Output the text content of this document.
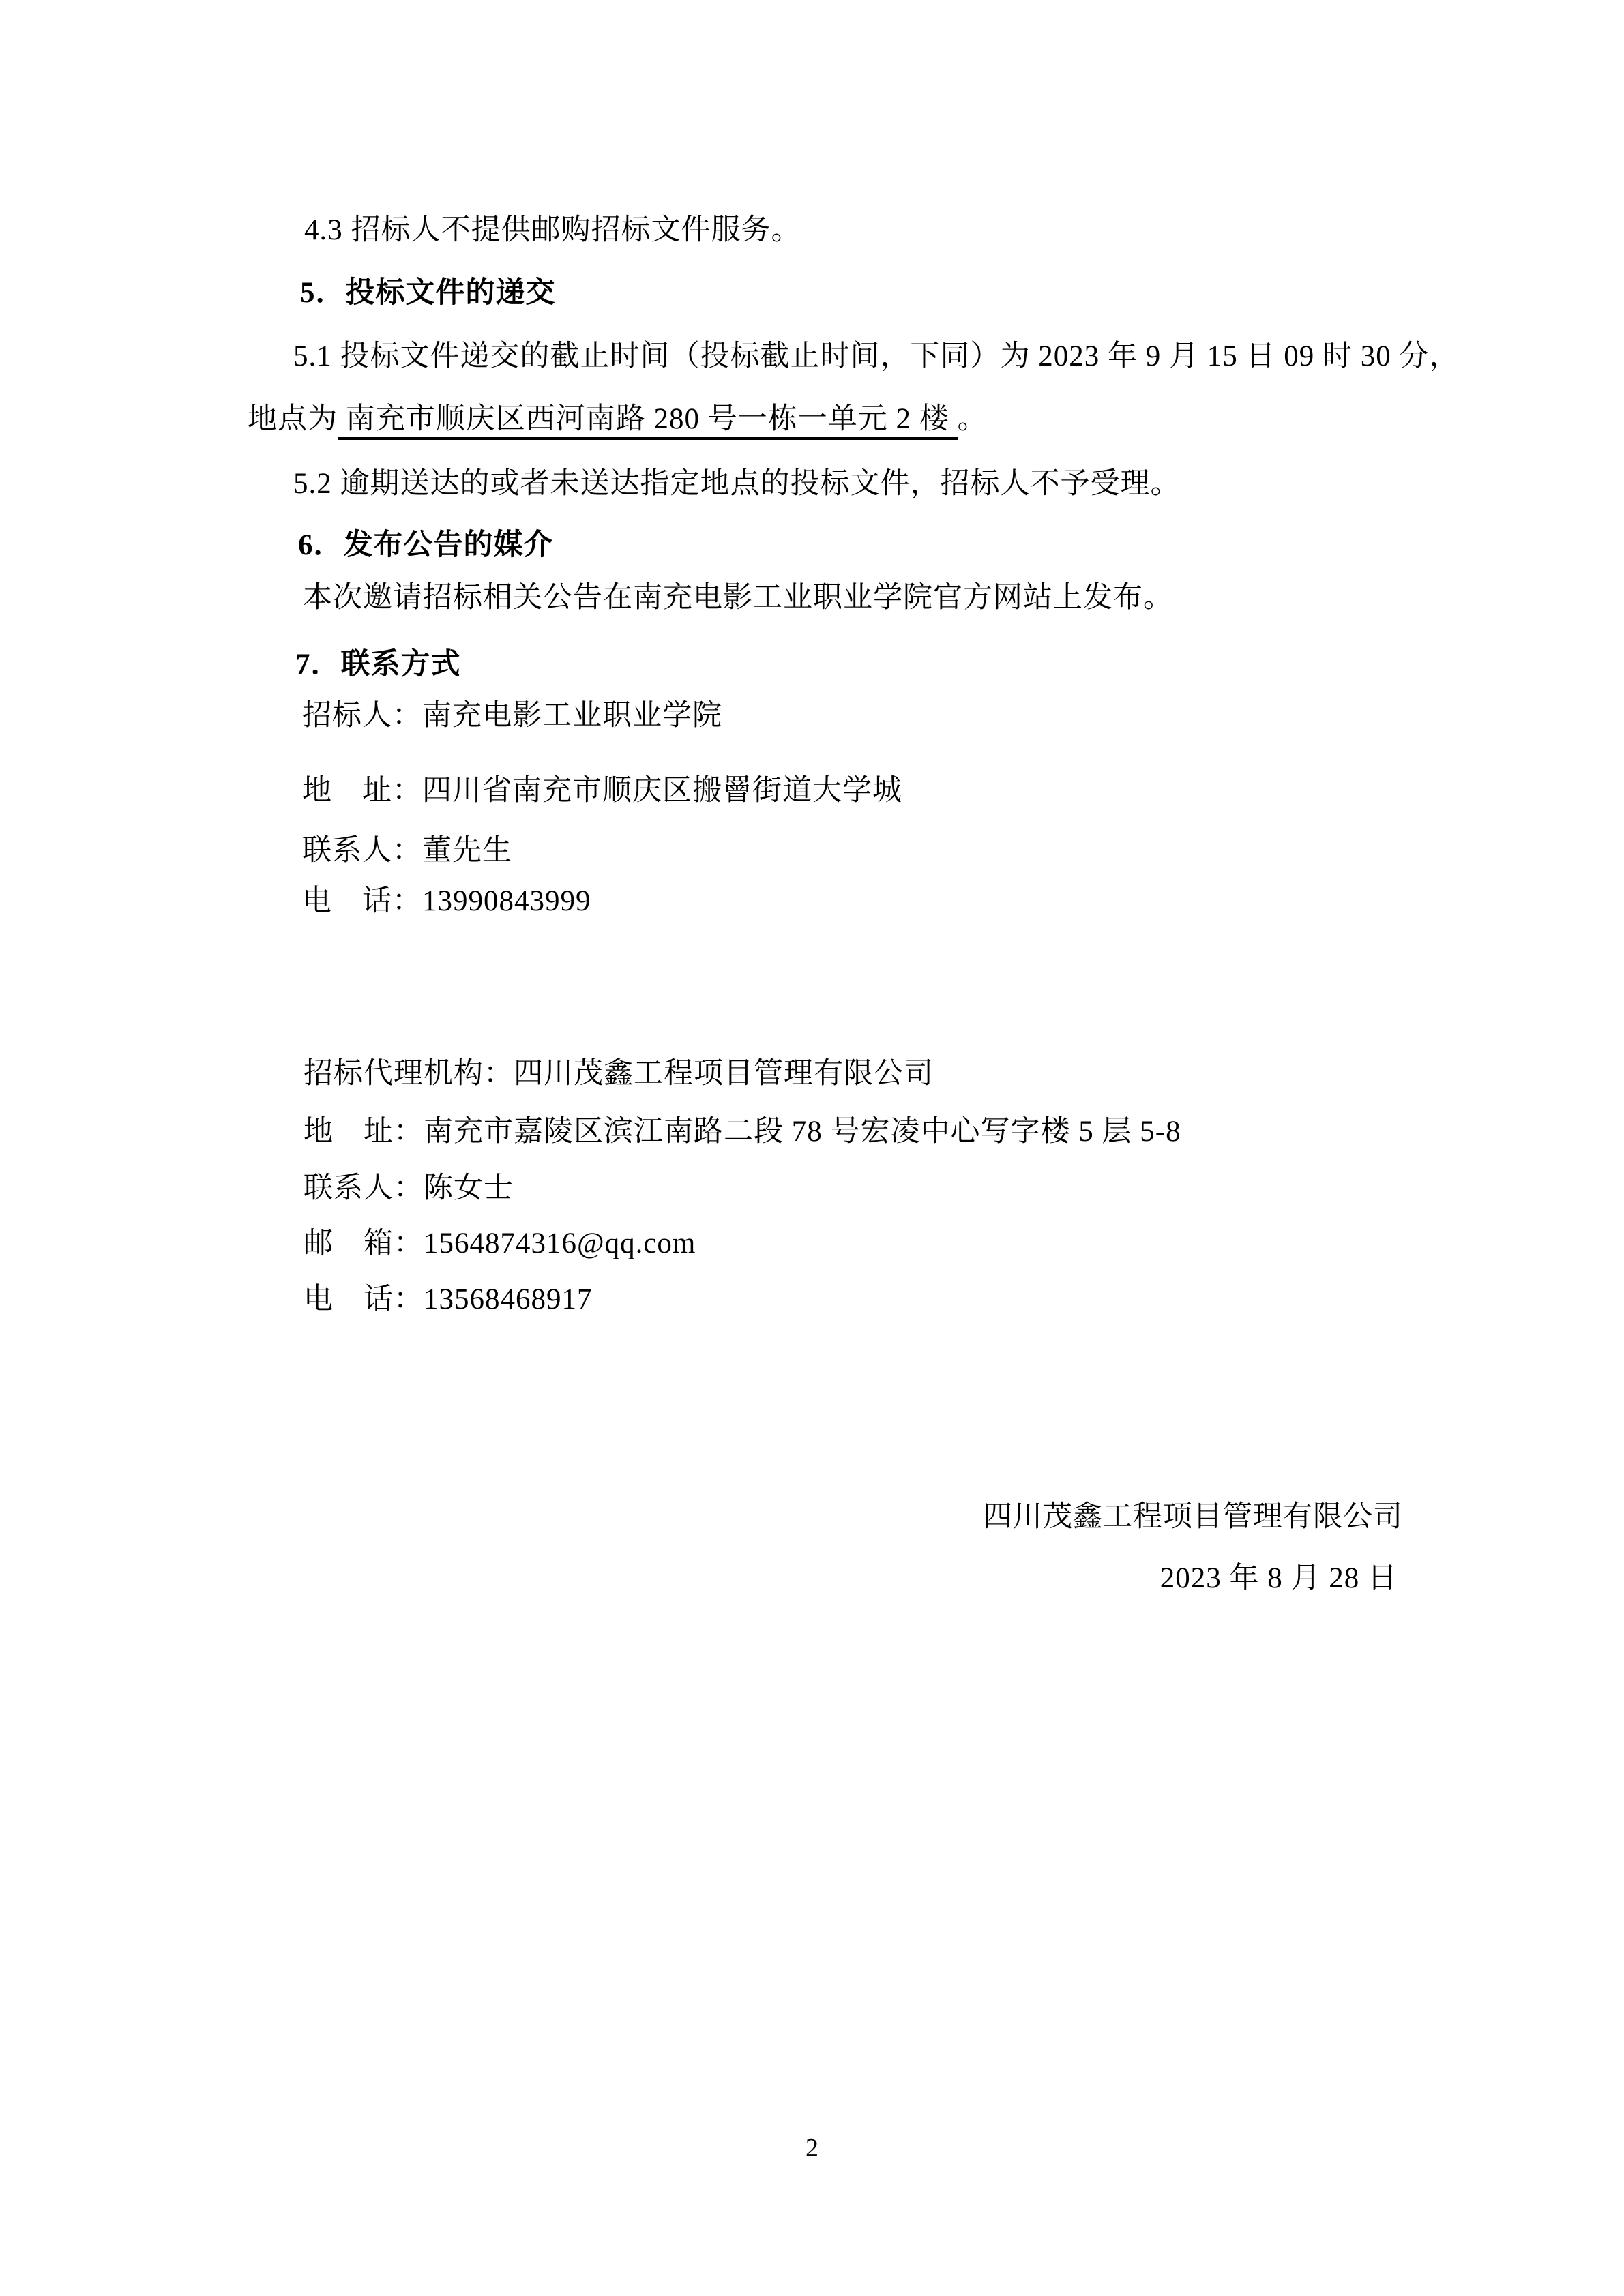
4.3 招标人不提供邮购招标文件服务。
5．投标文件的递交
5.1 投标文件递交的截止时间（投标截止时间，下同）为 2023 年 9 月 15 日 09 时 30 分，
地点为 南充市顺庆区西河南路 280 号一栋一单元 2 楼 。
5.2 逾期送达的或者未送达指定地点的投标文件，招标人不予受理。
6．发布公告的媒介
本次邀请招标相关公告在南充电影工业职业学院官方网站上发布。
7．联系方式
招标人：南充电影工业职业学院
地　址：四川省南充市顺庆区搬罾街道大学城
联系人：董先生
电　话：13990843999
招标代理机构：四川茂鑫工程项目管理有限公司
地　址：南充市嘉陵区滨江南路二段 78 号宏凌中心写字楼 5 层 5-8
联系人：陈女士
邮　箱：1564874316@qq.com
电　话：13568468917
四川茂鑫工程项目管理有限公司
2023 年 8 月 28 日
2
